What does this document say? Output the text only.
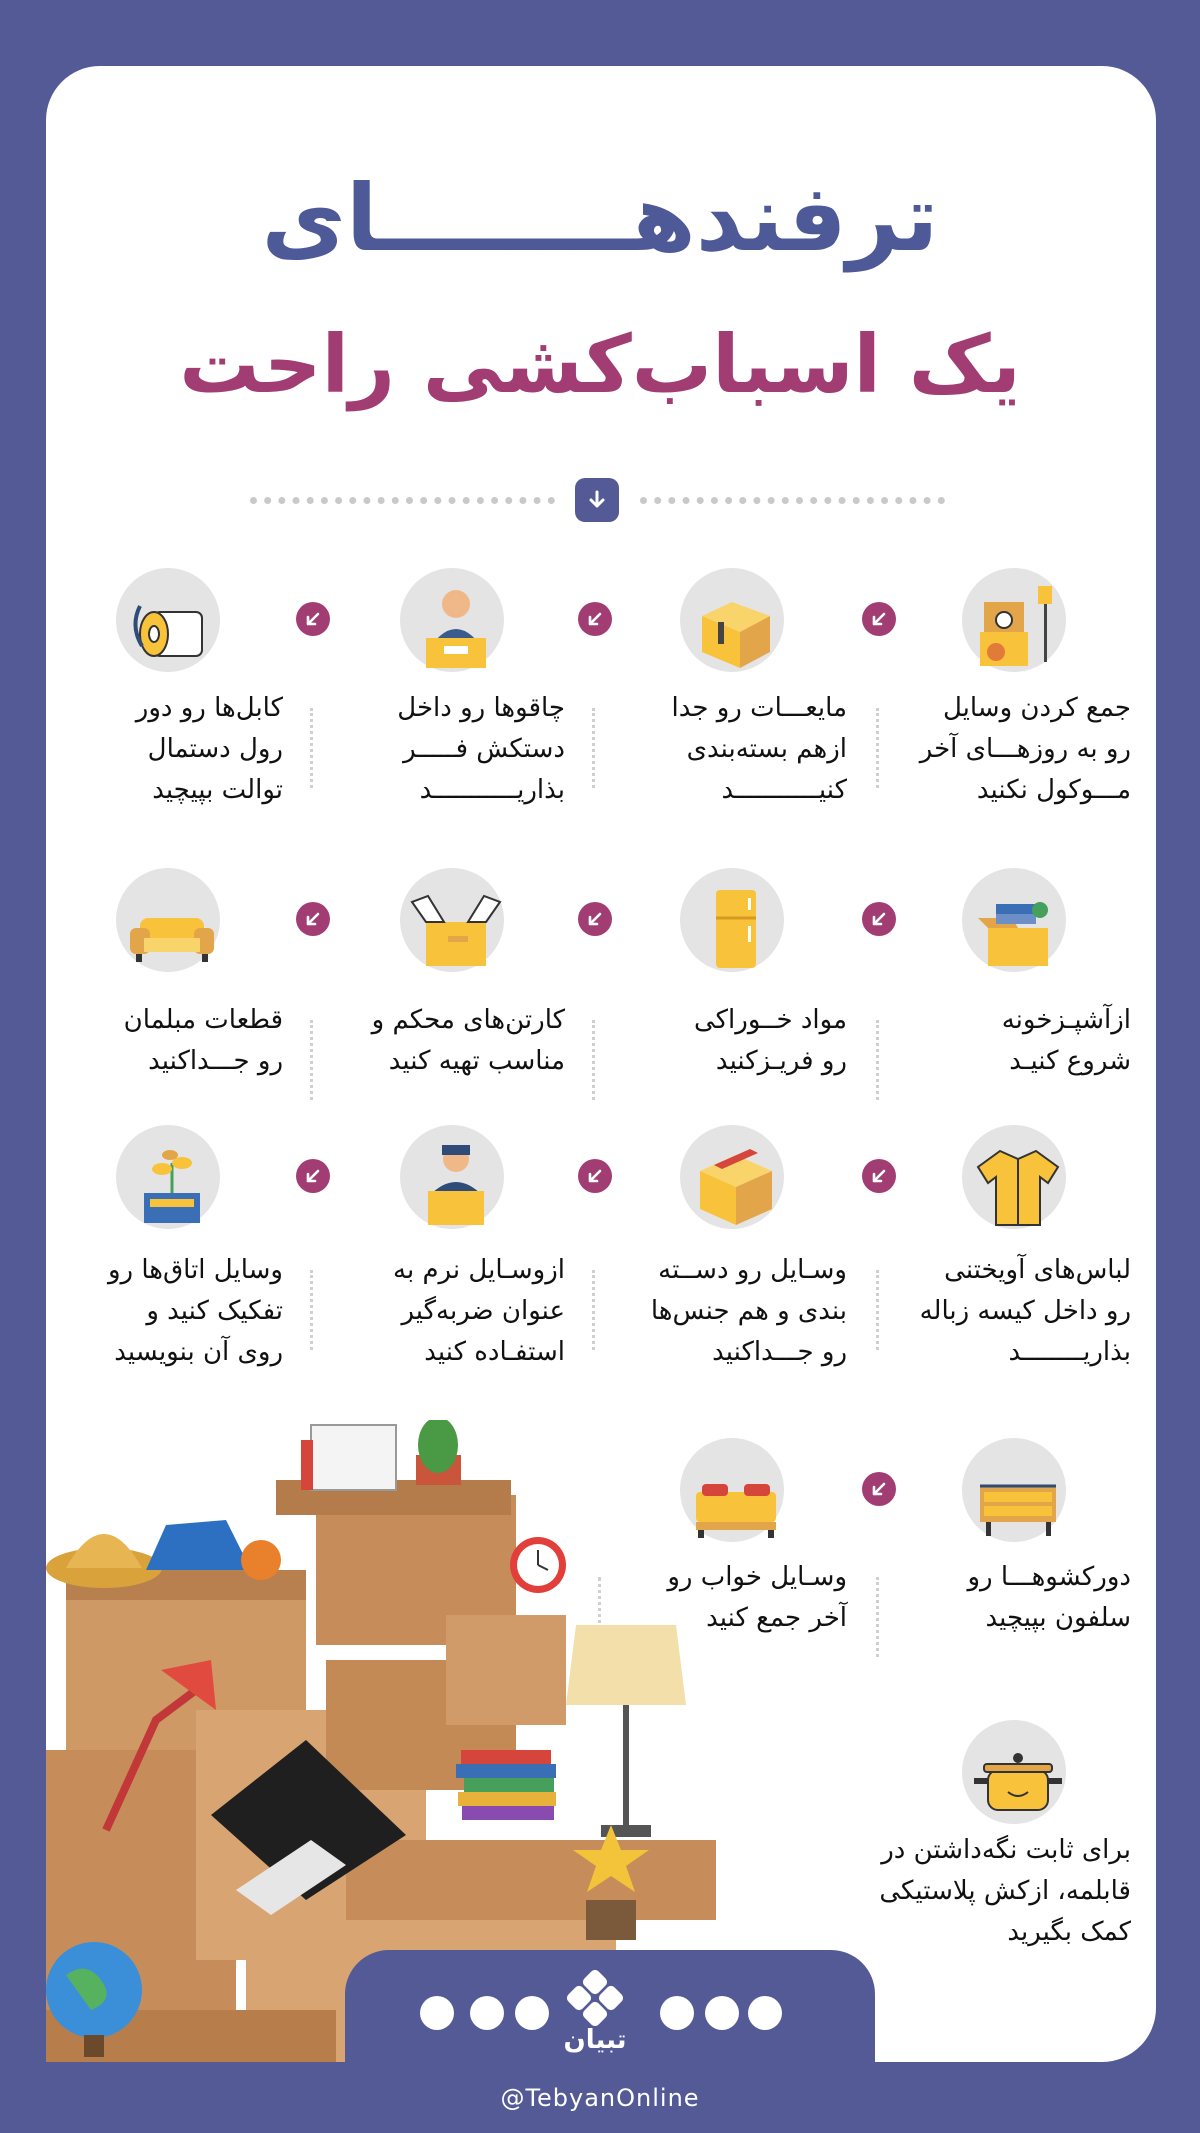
ترفندهــــــــای
یک اسباب‌کشی راحت
جمع کردن وسایل
رو به روزهـــای آخر
مـــوکول نکنید
مایعـــات رو جدا
ازهم بسته‌بندی
کنیـــــــــــد
چاقوها رو داخل
دستکش فـــــر
بذاریـــــــــــد
کابل‌ها رو دور
رول دستمال
توالت بپیچید
ازآشپـزخونه
شروع کنیـد
مواد خــوراکی
رو فریـزکنید
کارتن‌های محکم و
مناسب تهیه کنید
قطعات مبلمان
رو جـــداکنید
لباس‌های آویختنی
رو داخل کیسه زباله
بذاریــــــــد
وسـایل رو دســته
بندی و هم جنس‌ها
رو جـــداکنید
ازوسـایل نرم به
عنوان ضربه‌گیر
استفـاده کنید
وسایل اتاق‌ها رو
تفکیک کنید و
روی آن بنویسید
دورکشوهـــا رو
سلفون بپیچید
وسـایل خواب رو
آخر جمع کنید
برای ثابت نگه‌داشتن در
قابلمه، ازکش پلاستیکی
کمک بگیرید
تبیان
@TebyanOnline
